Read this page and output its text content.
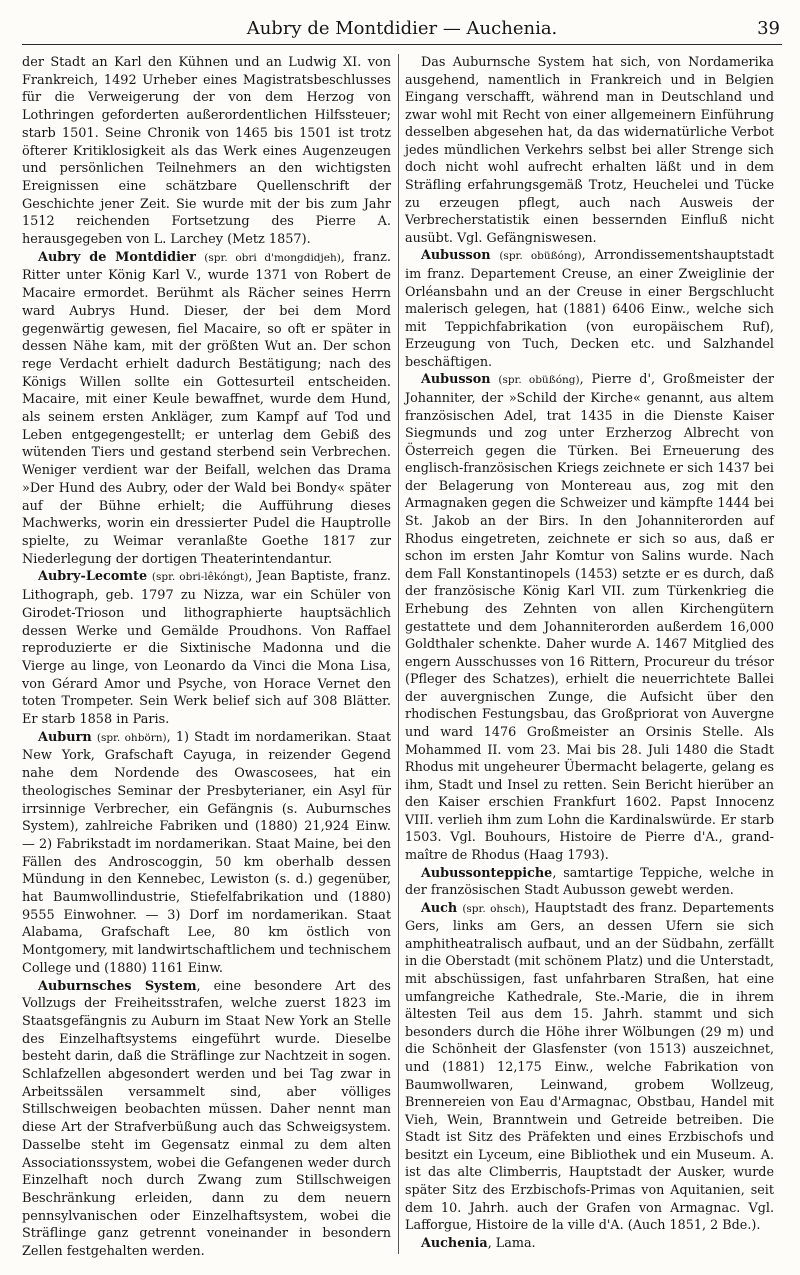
Aubry de Montdidier — Auchenia.	39

der Stadt an Karl den Kühnen und an Ludwig XI. von Frankreich, 1492 Urheber eines Magistratsbeschlusses für die Verweigerung der von dem Herzog von Lothringen geforderten außerordentlichen Hilfssteuer; starb 1501. Seine Chronik von 1465 bis 1501 ist trotz öfterer Kritiklosigkeit als das Werk eines Augenzeugen und persönlichen Teilnehmers an den wichtigsten Ereignissen eine schätzbare Quellenschrift der Geschichte jener Zeit. Sie wurde mit der bis zum Jahr 1512 reichenden Fortsetzung des Pierre A. herausgegeben von L. Larchey (Metz 1857).

Aubry de Montdidier (spr. obri d'mongdidjeh), franz. Ritter unter König Karl V., wurde 1371 von Robert de Macaire ermordet. Berühmt als Rächer seines Herrn ward Aubrys Hund. Dieser, der bei dem Mord gegenwärtig gewesen, fiel Macaire, so oft er später in dessen Nähe kam, mit der größten Wut an. Der schon rege Verdacht erhielt dadurch Bestätigung; nach des Königs Willen sollte ein Gottesurteil entscheiden. Macaire, mit einer Keule bewaffnet, wurde dem Hund, als seinem ersten Ankläger, zum Kampf auf Tod und Leben entgegengestellt; er unterlag dem Gebiß des wütenden Tiers und gestand sterbend sein Verbrechen. Weniger verdient war der Beifall, welchen das Drama »Der Hund des Aubry, oder der Wald bei Bondy« später auf der Bühne erhielt; die Aufführung dieses Machwerks, worin ein dressierter Pudel die Hauptrolle spielte, zu Weimar veranlaßte Goethe 1817 zur Niederlegung der dortigen Theaterintendantur.

Aubry-Lecomte (spr. obri-lêkóngt), Jean Baptiste, franz. Lithograph, geb. 1797 zu Nizza, war ein Schüler von Girodet-Trioson und lithographierte hauptsächlich dessen Werke und Gemälde Proudhons. Von Raffael reproduzierte er die Sixtinische Madonna und die Vierge au linge, von Leonardo da Vinci die Mona Lisa, von Gérard Amor und Psyche, von Horace Vernet den toten Trompeter. Sein Werk belief sich auf 308 Blätter. Er starb 1858 in Paris.

Auburn (spr. ohbörn), 1) Stadt im nordamerikan. Staat New York, Grafschaft Cayuga, in reizender Gegend nahe dem Nordende des Owascosees, hat ein theologisches Seminar der Presbyterianer, ein Asyl für irrsinnige Verbrecher, ein Gefängnis (s. Auburnsches System), zahlreiche Fabriken und (1880) 21,924 Einw. — 2) Fabrikstadt im nordamerikan. Staat Maine, bei den Fällen des Androscoggin, 50 km oberhalb dessen Mündung in den Kennebec, Lewiston (s. d.) gegenüber, hat Baumwollindustrie, Stiefelfabrikation und (1880) 9555 Einwohner. — 3) Dorf im nordamerikan. Staat Alabama, Grafschaft Lee, 80 km östlich von Montgomery, mit landwirtschaftlichem und technischem College und (1880) 1161 Einw.

Auburnsches System, eine besondere Art des Vollzugs der Freiheitsstrafen, welche zuerst 1823 im Staatsgefängnis zu Auburn im Staat New York an Stelle des Einzelhaftsystems eingeführt wurde. Dieselbe besteht darin, daß die Sträflinge zur Nachtzeit in sogen. Schlafzellen abgesondert werden und bei Tag zwar in Arbeitssälen versammelt sind, aber völliges Stillschweigen beobachten müssen. Daher nennt man diese Art der Strafverbüßung auch das Schweigsystem. Dasselbe steht im Gegensatz einmal zu dem alten Associationssystem, wobei die Gefangenen weder durch Einzelhaft noch durch Zwang zum Stillschweigen Beschränkung erleiden, dann zu dem neuern pennsylvanischen oder Einzelhaftsystem, wobei die Sträflinge ganz getrennt voneinander in besondern Zellen festgehalten werden.

Das Auburnsche System hat sich, von Nordamerika ausgehend, namentlich in Frankreich und in Belgien Eingang verschafft, während man in Deutschland und zwar wohl mit Recht von einer allgemeinern Einführung desselben abgesehen hat, da das widernatürliche Verbot jedes mündlichen Verkehrs selbst bei aller Strenge sich doch nicht wohl aufrecht erhalten läßt und in dem Sträfling erfahrungsgemäß Trotz, Heuchelei und Tücke zu erzeugen pflegt, auch nach Ausweis der Verbrecherstatistik einen bessernden Einfluß nicht ausübt. Vgl. Gefängniswesen.

Aubusson (spr. obüßóng), Arrondissementshauptstadt im franz. Departement Creuse, an einer Zweiglinie der Orléansbahn und an der Creuse in einer Bergschlucht malerisch gelegen, hat (1881) 6406 Einw., welche sich mit Teppichfabrikation (von europäischem Ruf), Erzeugung von Tuch, Decken etc. und Salzhandel beschäftigen.

Aubusson (spr. obüßóng), Pierre d', Großmeister der Johanniter, der »Schild der Kirche« genannt, aus altem französischen Adel, trat 1435 in die Dienste Kaiser Siegmunds und zog unter Erzherzog Albrecht von Österreich gegen die Türken. Bei Erneuerung des englisch-französischen Kriegs zeichnete er sich 1437 bei der Belagerung von Montereau aus, zog mit den Armagnaken gegen die Schweizer und kämpfte 1444 bei St. Jakob an der Birs. In den Johanniterorden auf Rhodus eingetreten, zeichnete er sich so aus, daß er schon im ersten Jahr Komtur von Salins wurde. Nach dem Fall Konstantinopels (1453) setzte er es durch, daß der französische König Karl VII. zum Türkenkrieg die Erhebung des Zehnten von allen Kirchengütern gestattete und dem Johanniterorden außerdem 16,000 Goldthaler schenkte. Daher wurde A. 1467 Mitglied des engern Ausschusses von 16 Rittern, Procureur du trésor (Pfleger des Schatzes), erhielt die neuerrichtete Ballei der auvergnischen Zunge, die Aufsicht über den rhodischen Festungsbau, das Großpriorat von Auvergne und ward 1476 Großmeister an Orsinis Stelle. Als Mohammed II. vom 23. Mai bis 28. Juli 1480 die Stadt Rhodus mit ungeheurer Übermacht belagerte, gelang es ihm, Stadt und Insel zu retten. Sein Bericht hierüber an den Kaiser erschien Frankfurt 1602. Papst Innocenz VIII. verlieh ihm zum Lohn die Kardinalswürde. Er starb 1503. Vgl. Bouhours, Histoire de Pierre d'A., grand-maître de Rhodus (Haag 1793).

Aubussonteppiche, samtartige Teppiche, welche in der französischen Stadt Aubusson gewebt werden.

Auch (spr. ohsch), Hauptstadt des franz. Departements Gers, links am Gers, an dessen Ufern sie sich amphitheatralisch aufbaut, und an der Südbahn, zerfällt in die Oberstadt (mit schönem Platz) und die Unterstadt, mit abschüssigen, fast unfahrbaren Straßen, hat eine umfangreiche Kathedrale, Ste.-Marie, die in ihrem ältesten Teil aus dem 15. Jahrh. stammt und sich besonders durch die Höhe ihrer Wölbungen (29 m) und die Schönheit der Glasfenster (von 1513) auszeichnet, und (1881) 12,175 Einw., welche Fabrikation von Baumwollwaren, Leinwand, grobem Wollzeug, Brennereien von Eau d'Armagnac, Obstbau, Handel mit Vieh, Wein, Branntwein und Getreide betreiben. Die Stadt ist Sitz des Präfekten und eines Erzbischofs und besitzt ein Lyceum, eine Bibliothek und ein Museum. A. ist das alte Climberris, Hauptstadt der Ausker, wurde später Sitz des Erzbischofs-Primas von Aquitanien, seit dem 10. Jahrh. auch der Grafen von Armagnac. Vgl. Lafforgue, Histoire de la ville d'A. (Auch 1851, 2 Bde.).

Auchenia, Lama.
